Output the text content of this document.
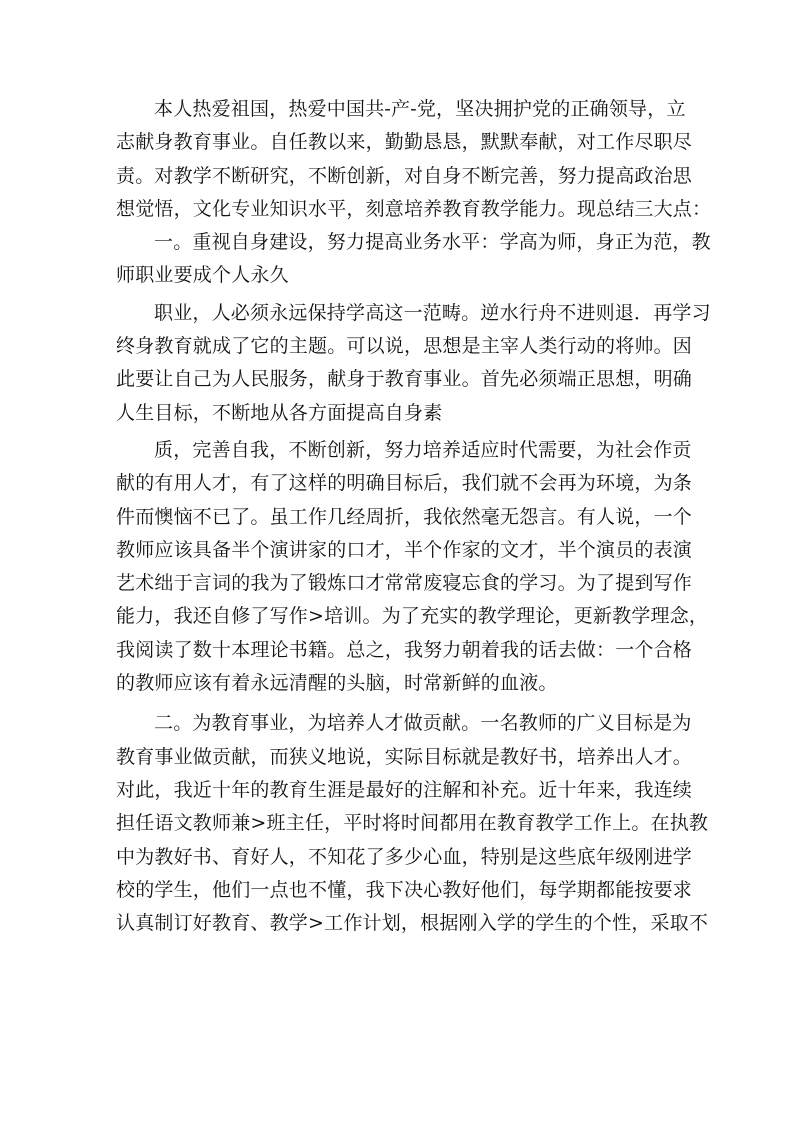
本人热爱祖国，热爱中国共-产-党，坚决拥护党的正确领导，立
志献身教育事业。自任教以来，勤勤恳恳，默默奉献，对工作尽职尽
责。对教学不断研究，不断创新，对自身不断完善，努力提高政治思
想觉悟，文化专业知识水平，刻意培养教育教学能力。现总结三大点：
一。重视自身建设，努力提高业务水平：学高为师，身正为范，教
师职业要成个人永久
职业，人必须永远保持学高这一范畴。逆水行舟不进则退．再学习
终身教育就成了它的主题。可以说，思想是主宰人类行动的将帅。因
此要让自己为人民服务，献身于教育事业。首先必须端正思想，明确
人生目标，不断地从各方面提高自身素
质，完善自我，不断创新，努力培养适应时代需要，为社会作贡
献的有用人才，有了这样的明确目标后，我们就不会再为环境，为条
件而懊恼不已了。虽工作几经周折，我依然毫无怨言。有人说，一个
教师应该具备半个演讲家的口才，半个作家的文才，半个演员的表演
艺术绌于言词的我为了锻炼口才常常废寝忘食的学习。为了提到写作
能力，我还自修了写作>培训。为了充实的教学理论，更新教学理念，
我阅读了数十本理论书籍。总之，我努力朝着我的话去做：一个合格
的教师应该有着永远清醒的头脑，时常新鲜的血液。
二。为教育事业，为培养人才做贡献。一名教师的广义目标是为
教育事业做贡献，而狭义地说，实际目标就是教好书，培养出人才。
对此，我近十年的教育生涯是最好的注解和补充。近十年来，我连续
担任语文教师兼>班主任，平时将时间都用在教育教学工作上。在执教
中为教好书、育好人，不知花了多少心血，特别是这些底年级刚进学
校的学生，他们一点也不懂，我下决心教好他们，每学期都能按要求
认真制订好教育、教学>工作计划，根据刚入学的学生的个性，采取不
